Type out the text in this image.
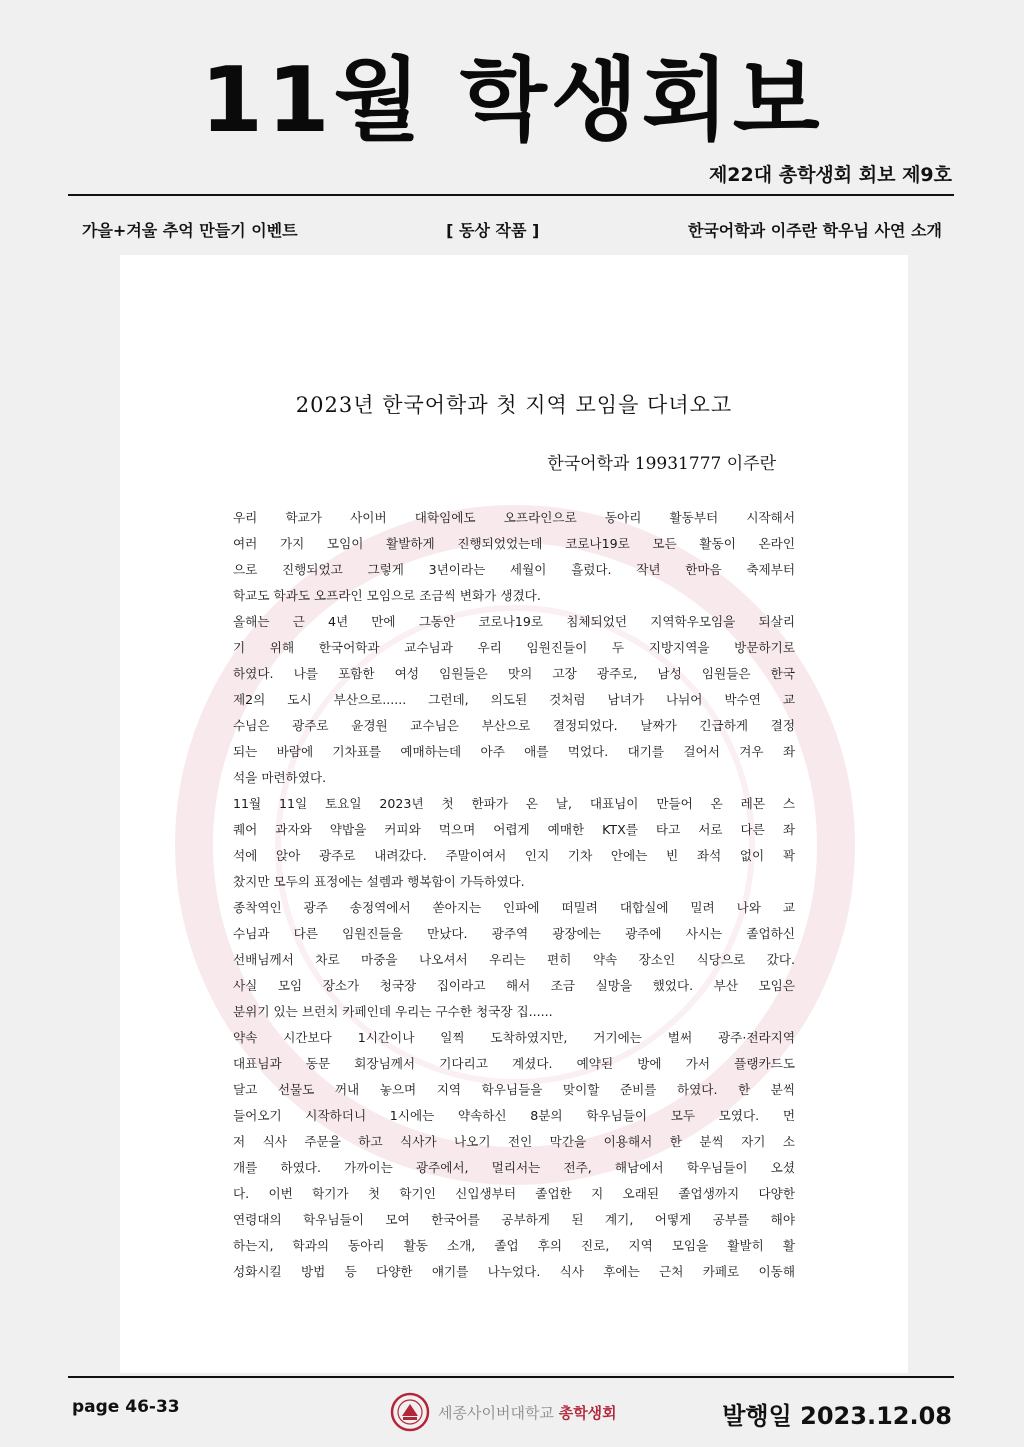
11월 학생회보
제22대 총학생회 회보 제9호
가을+겨울 추억 만들기 이벤트	[ 동상 작품 ]	한국어학과 이주란 학우님 사연 소개
2023년 한국어학과 첫 지역 모임을 다녀오고
한국어학과 19931777 이주란
우리 학교가 사이버 대학임에도 오프라인으로 동아리 활동부터 시작해서
여러 가지 모임이 활발하게 진행되었었는데 코로나19로 모든 활동이 온라인
으로 진행되었고 그렇게 3년이라는 세월이 흘렀다. 작년 한마음 축제부터
학교도 학과도 오프라인 모임으로 조금씩 변화가 생겼다.
올해는 근 4년 만에 그동안 코로나19로 침체되었던 지역학우모임을 되살리
기 위해 한국어학과 교수님과 우리 임원진들이 두 지방지역을 방문하기로
하였다. 나를 포함한 여성 임원들은 맛의 고장 광주로, 남성 임원들은 한국
제2의 도시 부산으로...... 그런데, 의도된 것처럼 남녀가 나뉘어 박수연 교
수님은 광주로 윤경원 교수님은 부산으로 결정되었다. 날짜가 긴급하게 결정
되는 바람에 기차표를 예매하는데 아주 애를 먹었다. 대기를 걸어서 겨우 좌
석을 마련하였다.
11월 11일 토요일 2023년 첫 한파가 온 날, 대표님이 만들어 온 레몬 스
퀘어 과자와 약밥을 커피와 먹으며 어렵게 예매한 KTX를 타고 서로 다른 좌
석에 앉아 광주로 내려갔다. 주말이여서 인지 기차 안에는 빈 좌석 없이 꽉
찼지만 모두의 표정에는 설렘과 행복함이 가득하였다.
종착역인 광주 송정역에서 쏟아지는 인파에 떠밀려 대합실에 밀려 나와 교
수님과 다른 임원진들을 만났다. 광주역 광장에는 광주에 사시는 졸업하신
선배님께서 차로 마중을 나오셔서 우리는 편히 약속 장소인 식당으로 갔다.
사실 모임 장소가 청국장 집이라고 해서 조금 실망을 했었다. 부산 모임은
분위기 있는 브런치 카페인데 우리는 구수한 청국장 집......
약속 시간보다 1시간이나 일찍 도착하였지만, 거기에는 벌써 광주·전라지역
대표님과 동문 회장님께서 기다리고 계셨다. 예약된 방에 가서 플랭카드도
달고 선물도 꺼내 놓으며 지역 학우님들을 맞이할 준비를 하였다. 한 분씩
들어오기 시작하더니 1시에는 약속하신 8분의 학우님들이 모두 모였다. 먼
저 식사 주문을 하고 식사가 나오기 전인 막간을 이용해서 한 분씩 자기 소
개를 하였다. 가까이는 광주에서, 멀리서는 전주, 해남에서 학우님들이 오셨
다. 이번 학기가 첫 학기인 신입생부터 졸업한 지 오래된 졸업생까지 다양한
연령대의 학우님들이 모여 한국어를 공부하게 된 계기, 어떻게 공부를 해야
하는지, 학과의 동아리 활동 소개, 졸업 후의 진로, 지역 모임을 활발히 활
성화시킬 방법 등 다양한 얘기를 나누었다. 식사 후에는 근처 카페로 이동해
page 46-33	세종사이버대학교 총학생회	발행일 2023.12.08
